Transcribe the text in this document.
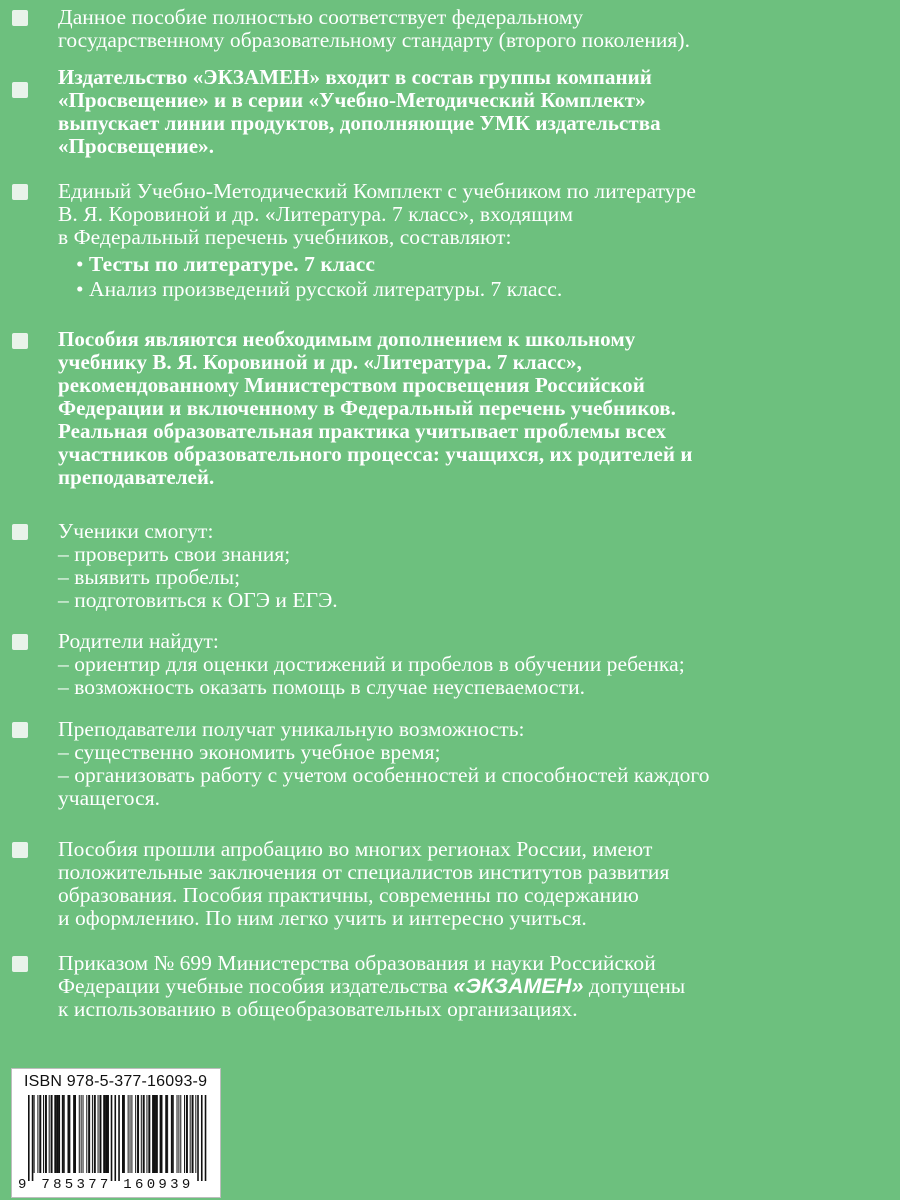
Данное пособие полностью соответствует федеральному
государственному образовательному стандарту (второго поколения).
Издательство «ЭКЗАМЕН» входит в состав группы компаний
«Просвещение» и в серии «Учебно-Методический Комплект»
выпускает линии продуктов, дополняющие УМК издательства
«Просвещение».
Единый Учебно-Методический Комплект с учебником по литературе
В. Я. Коровиной и др. «Литература. 7 класс», входящим
в Федеральный перечень учебников, составляют:
• Тесты по литературе. 7 класс
• Анализ произведений русской литературы. 7 класс.
Пособия являются необходимым дополнением к школьному
учебнику В. Я. Коровиной и др. «Литература. 7 класс»,
рекомендованному Министерством просвещения Российской
Федерации и включенному в Федеральный перечень учебников.
Реальная образовательная практика учитывает проблемы всех
участников образовательного процесса: учащихся, их родителей и
преподавателей.
Ученики смогут:
– проверить свои знания;
– выявить пробелы;
– подготовиться к ОГЭ и ЕГЭ.
Родители найдут:
– ориентир для оценки достижений и пробелов в обучении ребенка;
– возможность оказать помощь в случае неуспеваемости.
Преподаватели получат уникальную возможность:
– существенно экономить учебное время;
– организовать работу с учетом особенностей и способностей каждого
учащегося.
Пособия прошли апробацию во многих регионах России, имеют
положительные заключения от специалистов институтов развития
образования. Пособия практичны, современны по содержанию
и оформлению. По ним легко учить и интересно учиться.
Приказом № 699 Министерства образования и науки Российской
Федерации учебные пособия издательства «ЭКЗАМЕН» допущены
к использованию в общеобразовательных организациях.
ISBN 978-5-377-16093-9
9 785377 160939
